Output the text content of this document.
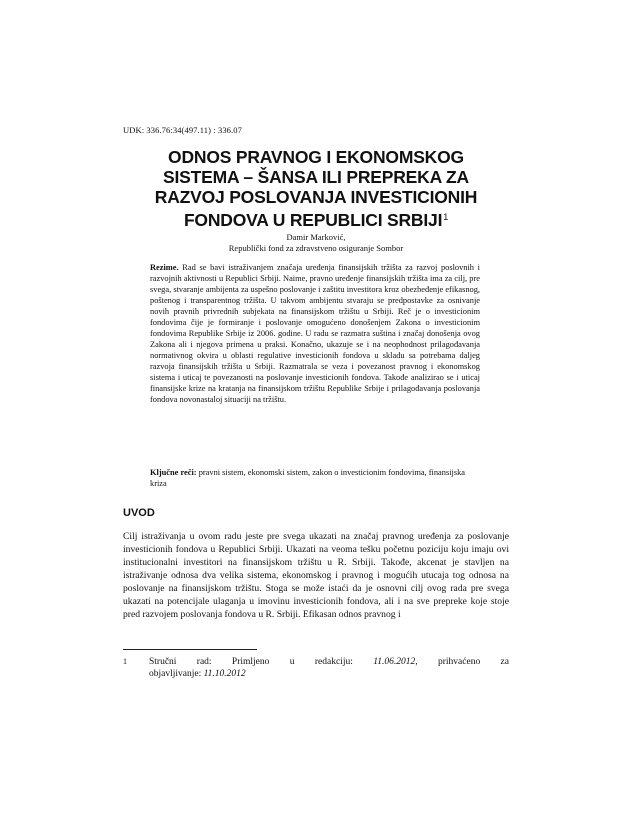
UDK: 336.76:34(497.11) : 336.07
ODNOS PRAVNOG I EKONOMSKOG
SISTEMA – ŠANSA ILI PREPREKA ZA
RAZVOJ POSLOVANJA INVESTICIONIH
FONDOVA U REPUBLICI SRBIJI$^1$
Damir Marković,
Republički fond za zdravstveno osiguranje Sombor
Rezime. Rad se bavi istraživanjem značaja uređenja finansijskih tržišta za razvoj poslovnih i razvojnih aktivnosti u Republici Srbiji. Naime, pravno uređenje finansijskih tržišta ima za cilj, pre svega, stvaranje ambijenta za uspešno poslovanje i zaštitu investitora kroz obezbeđenje efikasnog, poštenog i transparentnog tržišta. U takvom ambijentu stvaraju se predpostavke za osnivanje novih pravnih privrednih subjekata na finansijskom tržištu u Srbiji. Reč je o investicionim fondovima čije je formiranje i poslovanje omogućeno donošenjem Zakona o investicionim fondovima Republike Srbije iz 2006. godine. U radu se razmatra suština i značaj donošenja ovog Zakona ali i njegova primena u praksi. Konačno, ukazuje se i na neophodnost prilagođavanja normativnog okvira u oblasti regulative investicionih fondova u skladu sa potrebama daljeg razvoja finansijskih tržišta u Srbiji. Razmatrala se veza i povezanost pravnog i ekonomskog sistema i uticaj te povezanosti na poslovanje investicionih fondova. Takođe analizirao se i uticaj finansijske krize na kratanja na finansijskom tržištu Republike Srbije i prilagođavanja poslovanja fondova novonastaloj situaciji na tržištu.
Ključne reči: pravni sistem, ekonomski sistem, zakon o investicionim fondovima, finansijska kriza
UVOD
Cilj istraživanja u ovom radu jeste pre svega ukazati na značaj pravnog uređenja za poslovanje investicionih fondova u Republici Srbiji. Ukazati na veoma tešku početnu poziciju koju imaju ovi institucionalni investitori na finansijskom tržištu u R. Srbiji. Takođe, akcenat je stavljen na istraživanje odnosa dva velika sistema, ekonomskog i pravnog i mogućih utucaja tog odnosa na poslovanje na finansijskom tržištu. Stoga se može istaći da je osnovni cilj ovog rada pre svega ukazati na potencijale ulaganja u imovinu investicionih fondova, ali i na sve prepreke koje stoje pred razvojem poslovanja fondova u R. Srbiji. Efikasan odnos pravnog i
1 Stručni rad: Primljeno u redakciju: 11.06.2012, prihvaćeno za
objavljivanje: 11.10.2012
